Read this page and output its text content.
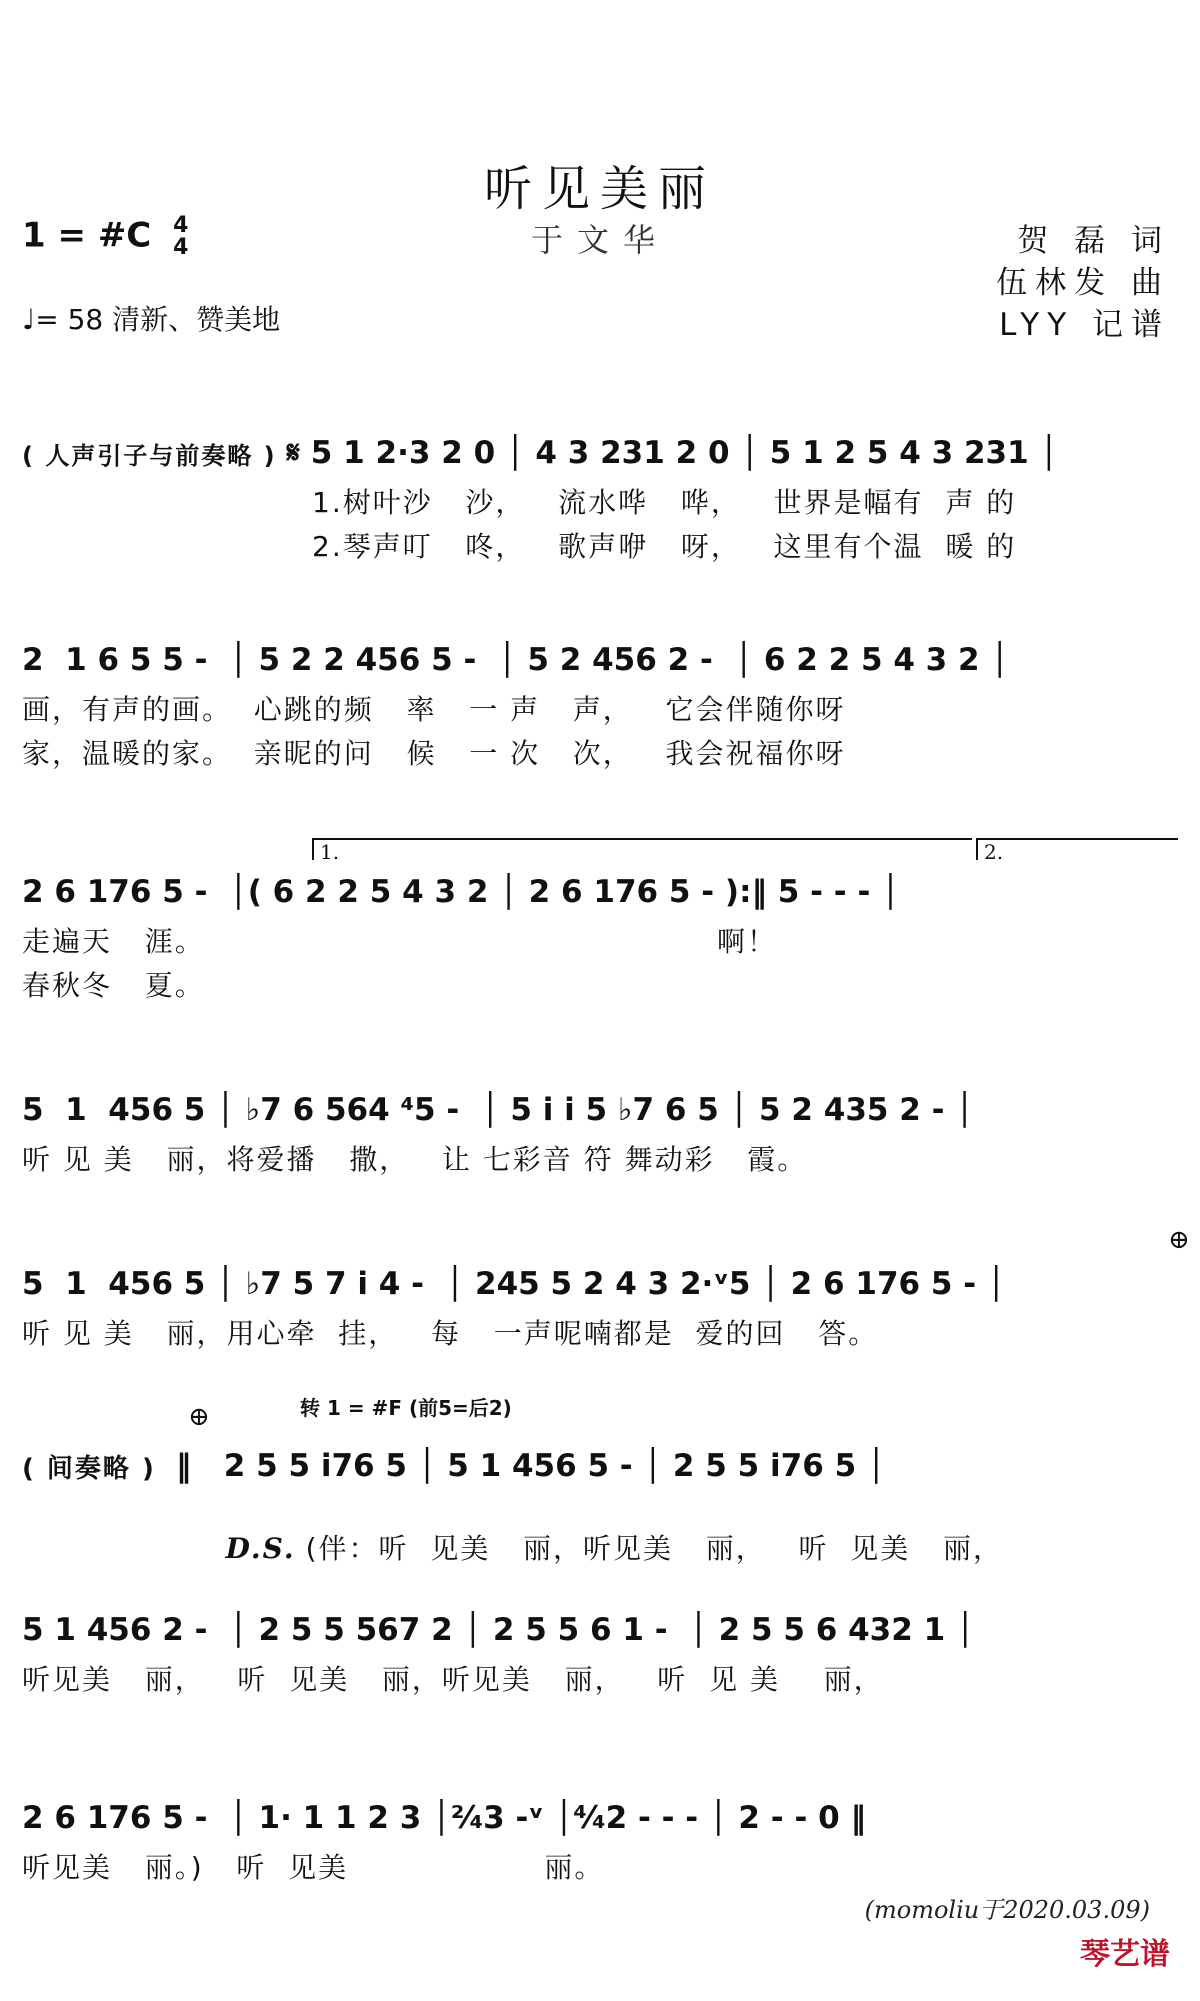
听见美丽
于文华
1 = #C 4
4
♩= 58 清新、赞美地
贺 磊 词
伍林发 曲
LYY 记谱
( 人声引子与前奏略 ) 𝄋 5 1 2·3 2 0 │ 4 3 231 2 0 │ 5 1 2 5 4 3 231 │
1.树叶沙   沙，   流水哗   哗，   世界是幅有  声 的
2.琴声叮   咚，   歌声咿   呀，   这里有个温  暖 的
2  1 6 5 5 -  │ 5 2 2 456 5 -  │ 5 2 456 2 -  │ 6 2 2 5 4 3 2 │
画，有声的画。  心跳的频   率   一 声   声，   它会伴随你呀
家，温暖的家。  亲昵的问   候   一 次   次，   我会祝福你呀
1.	2.
2 6 176 5 -  │( 6 2 2 5 4 3 2 │ 2 6 176 5 - ):‖ 5 - - - │
走遍天   涯。                                               啊！
春秋冬   夏。
5  1  456 5 │ ♭7 6 564 ⁴5 -  │ 5 i i 5 ♭7 6 5 │ 5 2 435 2 - │
听 见 美   丽，将爱播   撒，   让 七彩音 符 舞动彩   霞。
⊕
5  1  456 5 │ ♭7 5 7 i 4 -  │ 245 5 2 4 3 2·ᵛ5 │ 2 6 176 5 - │
听 见 美   丽，用心牵  挂，   每   一声呢喃都是  爱的回   答。
转 1 = #F (前5=后2)
⊕
( 间奏略 ) ‖   2 5 5 i76 5 │ 5 1 456 5 - │ 2 5 5 i76 5 │

D.S. (伴：听  见美   丽，听见美   丽，   听  见美   丽，

5 1 456 2 -  │ 2 5 5 567 2 │ 2 5 5 6 1 -  │ 2 5 5 6 432 1 │
听见美   丽，   听  见美   丽，听见美   丽，   听  见 美    丽，
2 6 176 5 -  │ 1· 1 1 2 3 │²⁄₄3 -ᵛ │⁴⁄₄2 - - - │ 2 - - 0 ‖
听见美   丽。)   听  见美                  丽。
(momoliu于2020.03.09)
琴艺谱
